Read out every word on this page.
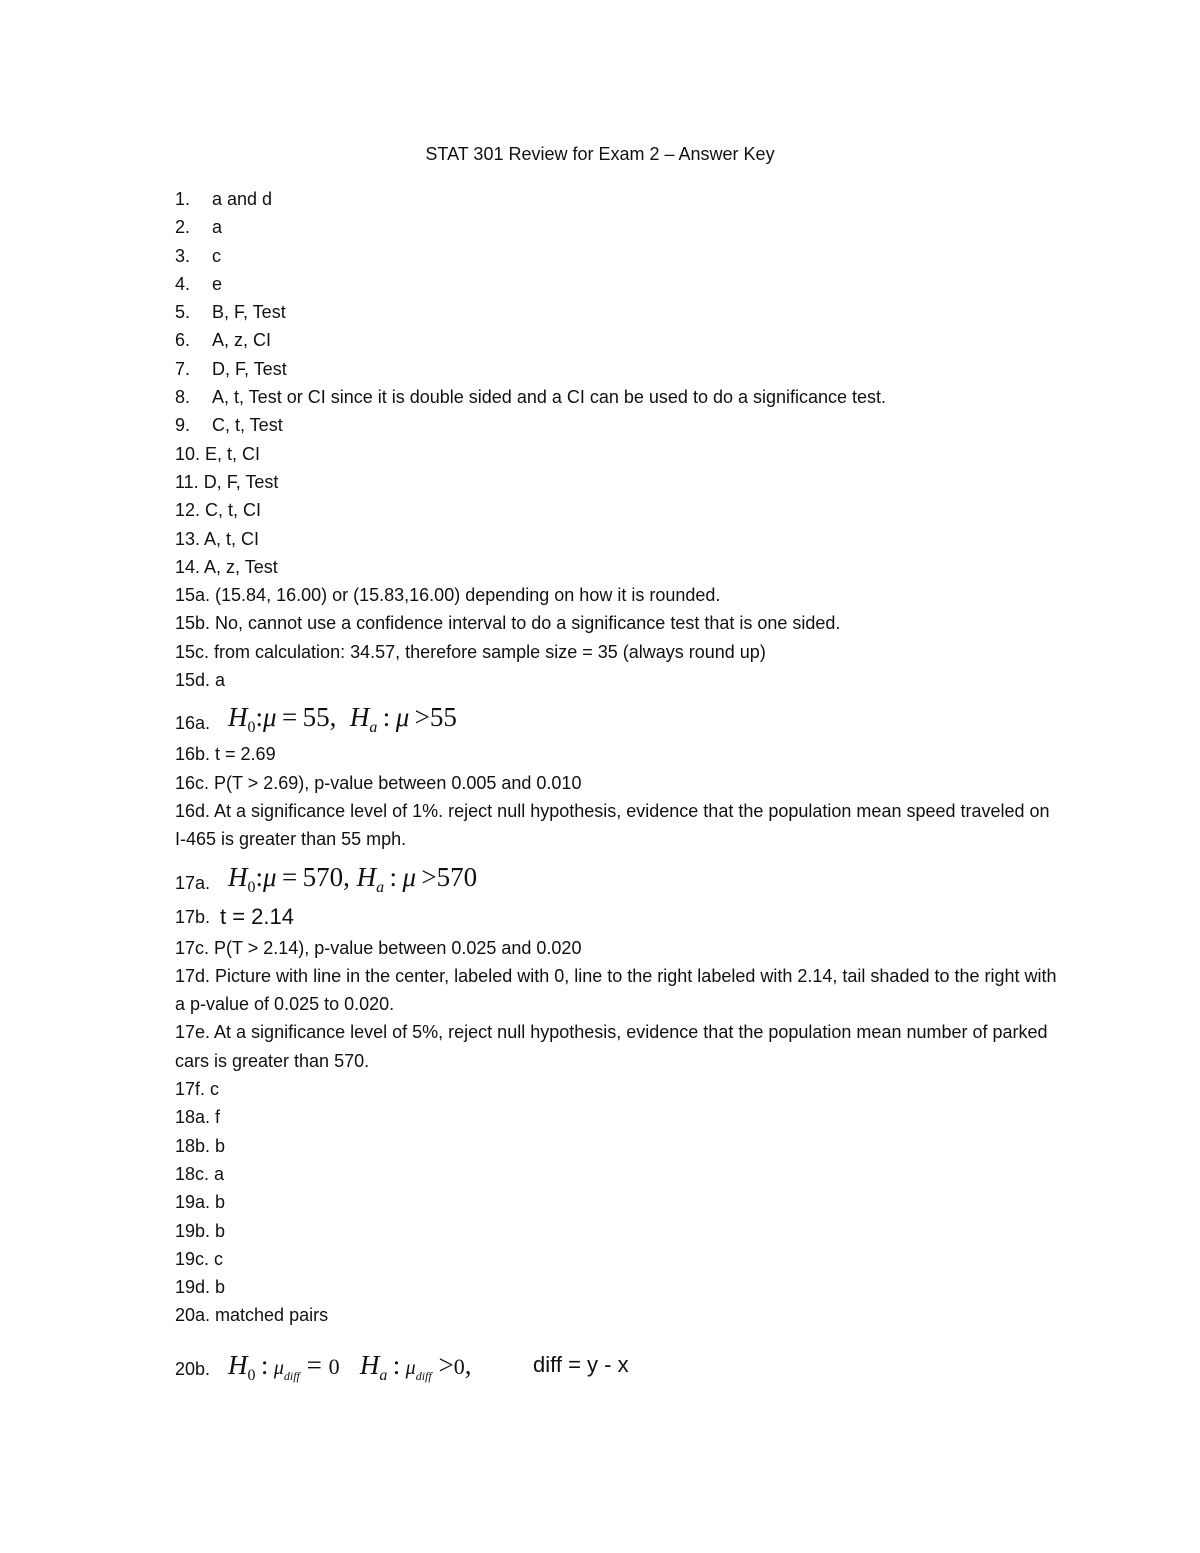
STAT 301 Review for Exam 2 – Answer Key
1. a and d
2. a
3. c
4. e
5. B, F, Test
6. A, z, CI
7. D, F, Test
8. A, t, Test or CI since it is double sided and a CI can be used to do a significance test.
9. C, t, Test
10. E, t, CI
11. D, F, Test
12. C, t, CI
13. A, t, CI
14. A, z, Test
15a. (15.84, 16.00) or (15.83,16.00) depending on how it is rounded.
15b. No, cannot use a confidence interval to do a significance test that is one sided.
15c. from calculation: 34.57, therefore sample size = 35 (always round up)
15d. a
16a. $H_0:\mu = 55$,  $H_a$ : μ >55
16b. t = 2.69
16c. P(T > 2.69), p-value between 0.005 and 0.010
16d. At a significance level of 1%. reject null hypothesis, evidence that the population mean speed traveled on I-465 is greater than 55 mph.
17a. $H_0:\mu = 570$, $H_a$ : μ >570
17b. t = 2.14
17c. P(T > 2.14), p-value between 0.025 and 0.020
17d. Picture with line in the center, labeled with 0, line to the right labeled with 2.14, tail shaded to the right with a p-value of 0.025 to 0.020.
17e. At a significance level of 5%, reject null hypothesis, evidence that the population mean number of parked cars is greater than 570.
17f. c
18a. f
18b. b
18c. a
19a. b
19b. b
19c. c
19d. b
20a. matched pairs
20b. $H_0$ : $\mu_{diff} = 0$ $H_a$ : $\mu_{diff} >0$,	diff = y - x
